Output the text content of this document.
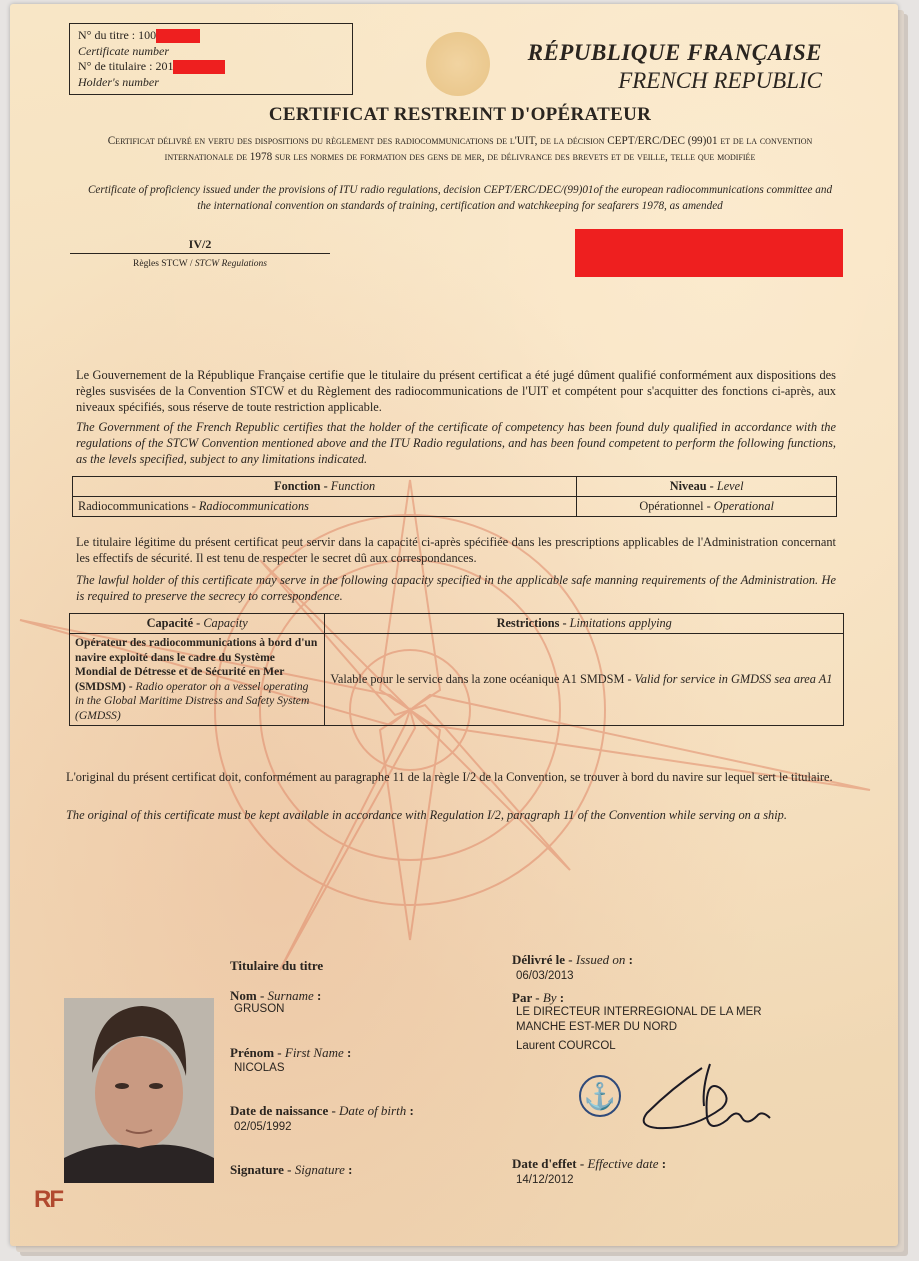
N° du titre : 100
Certificate number
N° de titulaire : 201
Holder's number
RÉPUBLIQUE FRANÇAISE
FRENCH REPUBLIC
CERTIFICAT RESTREINT D'OPÉRATEUR
Certificat délivré en vertu des dispositions du règlement des radiocommunications de l'UIT, de la décision CEPT/ERC/DEC (99)01 et de la convention internationale de 1978 sur les normes de formation des gens de mer, de délivrance des brevets et de veille, telle que modifiée
Certificate of proficiency issued under the provisions of ITU radio regulations, decision CEPT/ERC/DEC/(99)01of the european radiocommunications committee and the international convention on standards of training, certification and watchkeeping for seafarers 1978, as amended
IV/2
Règles STCW / STCW Regulations
Le Gouvernement de la République Française certifie que le titulaire du présent certificat a été jugé dûment qualifié conformément aux dispositions des règles susvisées de la Convention STCW et du Règlement des radiocommunications de l'UIT et compétent pour s'acquitter des fonctions ci-après, aux niveaux spécifiés, sous réserve de toute restriction applicable.
The Government of the French Republic certifies that the holder of the certificate of competency has been found duly qualified in accordance with the regulations of the STCW Convention mentioned above and the ITU Radio regulations, and has been found competent to perform the following functions, as the levels specified, subject to any limitations indicated.
Fonction - Function	Niveau - Level
Radiocommunications - Radiocommunications	Opérationnel - Operational
Le titulaire légitime du présent certificat peut servir dans la capacité ci-après spécifiée dans les prescriptions applicables de l'Administration concernant les effectifs de sécurité. Il est tenu de respecter le secret dû aux correspondances.
The lawful holder of this certificate may serve in the following capacity specified in the applicable safe manning requirements of the Administration. He is required to preserve the secrecy to correspondence.
Capacité - Capacity	Restrictions - Limitations applying
Opérateur des radiocommunications à bord d'un navire exploité dans le cadre du Système Mondial de Détresse et de Sécurité en Mer (SMDSM) - Radio operator on a vessel operating in the Global Maritime Distress and Safety System (GMDSS)	Valable pour le service dans la zone océanique A1 SMDSM - Valid for service in GMDSS sea area A1
L'original du présent certificat doit, conformément au paragraphe 11 de la règle I/2 de la Convention, se trouver à bord du navire sur lequel sert le titulaire.
The original of this certificate must be kept available in accordance with Regulation I/2, paragraph 11 of the Convention while serving on a ship.
Titulaire du titre
Nom - Surname :
GRUSON
Prénom - First Name :
NICOLAS
Date de naissance - Date of birth :
02/05/1992
Signature - Signature :
RF
Délivré le - Issued on :
06/03/2013
Par - By :
LE DIRECTEUR INTERREGIONAL DE LA MER
MANCHE EST-MER DU NORD
Laurent COURCOL
⚓
Date d'effet - Effective date :
14/12/2012
